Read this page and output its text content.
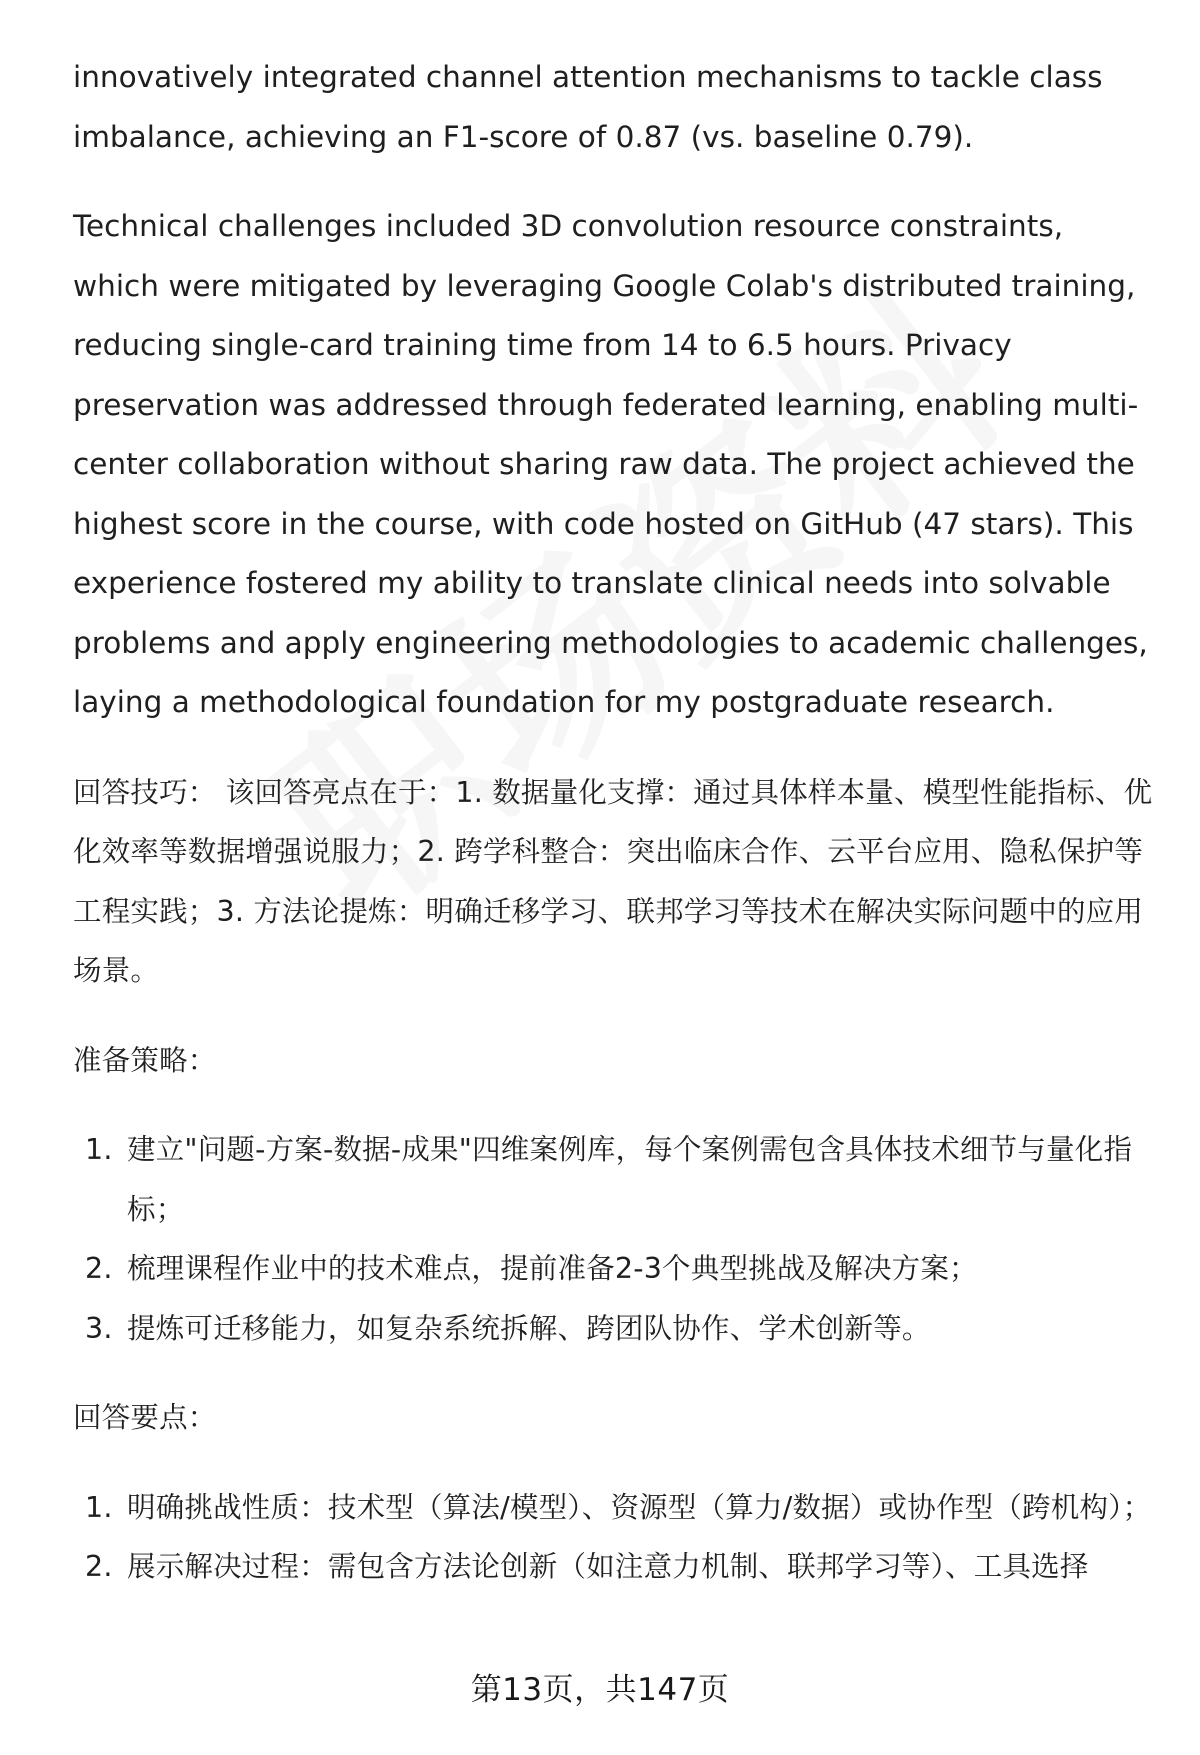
innovatively integrated channel attention mechanisms to tackle class imbalance, achieving an F1-score of 0.87 (vs. baseline 0.79).

Technical challenges included 3D convolution resource constraints, which were mitigated by leveraging Google Colab's distributed training, reducing single-card training time from 14 to 6.5 hours. Privacy preservation was addressed through federated learning, enabling multi-center collaboration without sharing raw data. The project achieved the highest score in the course, with code hosted on GitHub (47 stars). This experience fostered my ability to translate clinical needs into solvable problems and apply engineering methodologies to academic challenges, laying a methodological foundation for my postgraduate research.

回答技巧： 该回答亮点在于：1. 数据量化支撑：通过具体样本量、模型性能指标、优化效率等数据增强说服力；2. 跨学科整合：突出临床合作、云平台应用、隐私保护等工程实践；3. 方法论提炼：明确迁移学习、联邦学习等技术在解决实际问题中的应用场景。

准备策略：

1. 建立"问题-方案-数据-成果"四维案例库，每个案例需包含具体技术细节与量化指标；
2. 梳理课程作业中的技术难点，提前准备2-3个典型挑战及解决方案；
3. 提炼可迁移能力，如复杂系统拆解、跨团队协作、学术创新等。

回答要点：

1. 明确挑战性质：技术型（算法/模型）、资源型（算力/数据）或协作型（跨机构）；
2. 展示解决过程：需包含方法论创新（如注意力机制、联邦学习等）、工具选择
第13页，共147页
